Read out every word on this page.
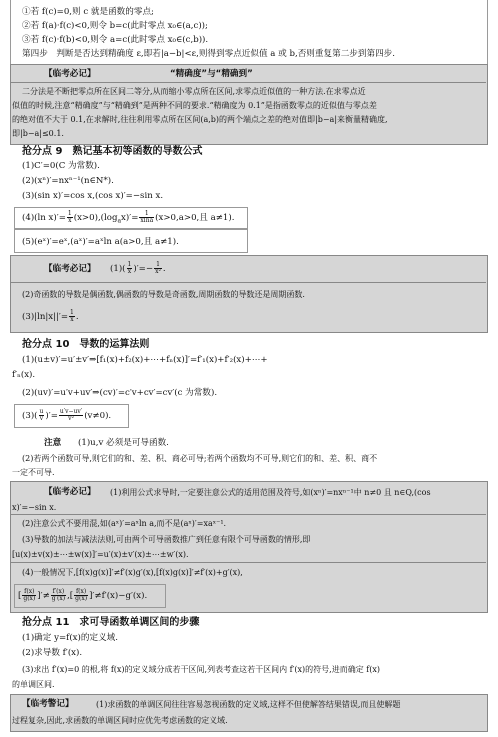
①若 f(c)=0,则 c 就是函数的零点;
②若 f(a)·f(c)<0,则令 b=c(此时零点 x₀∈(a,c));
③若 f(c)·f(b)<0,则令 a=c(此时零点 x₀∈(c,b)).
第四步　判断是否达到精确度 ε,即若|a−b|<ε,则得到零点近似值 a 或 b,否则重复第二步到第四步.
【临考必记】	“精确度”与“精确到”
二分法是不断把零点所在区间二等分,从而缩小零点所在区间,求零点近似值的一种方法.在求零点近
似值的时候,注意“精确度”与“精确到”是两种不同的要求.“精确度为 0.1”是指函数零点的近似值与零点差
的绝对值不大于 0.1,在求解时,往往利用零点所在区间(a,b)的两个端点之差的绝对值即|b−a|来衡量精确度,
即|b−a|≤0.1.
抢分点 9　熟记基本初等函数的导数公式
(1)C′=0(C 为常数).
(2)(xⁿ)′=nxⁿ⁻¹(n∈N*).
(3)(sin x)′=cos x,(cos x)′=−sin x.
(4)(ln $x)'= \frac{1}{x} (x>0),(\log_ax)'= \frac{1}{xlna} (x>0,a>0$,且 a≠1).
(5)(eˣ)′=eˣ,(aˣ)′=aˣln a(a>0,且 a≠1).
【临考必记】 $(1)( \frac{1}{x}$ )′=− $\frac{1}{\text{x²}}$ .
(2)奇函数的导数是偶函数,偶函数的导数是奇函数,周期函数的导数还是周期函数.
$(3)|\ln|x||'= \frac{1}{x}$ .
抢分点 10　导数的运算法则
(1)(u±v)′=u′±v′⇒[f₁(x)+f₂(x)+⋯+fₙ(x)]′=f′₁(x)+f′₂(x)+⋯+
f′ₙ(x).
(2)(uv)′=u′v+uv′⇒(cv)′=c′v+cv′=cv′(c 为常数).
$(3)( \frac{u}{v}$ )′= $\frac{u'v-uv'}{\text{v²}} (v\ne 0)$.
注意 (1)u,v 必须是可导函数.
(2)若两个函数可导,则它们的和、差、积、商必可导;若两个函数均不可导,则它们的和、差、积、商不
一定不可导.
【临考必记】 (1)利用公式求导时,一定要注意公式的适用范围及符号,如(xⁿ)′=nxⁿ⁻¹中 n≠0 且 n∈Q,(cos
x)′=−sin x.
(2)注意公式不要用混,如(aˣ)′=aˣln a,而不是(aˣ)′=xaˣ⁻¹.
(3)导数的加法与减法法则,可由两个可导函数推广到任意有限个可导函数的情形,即
[u(x)±v(x)±⋯±w(x)]′=u′(x)±v′(x)±⋯±w′(x).
(4)一般情况下,[f(x)g(x)]′≠f′(x)g′(x),[f(x)g(x)]′≠f′(x)+g′(x),
[ $\frac{f(x)}{g(x)}$ ]′≠ $\frac{f'(x)}{g'(x)}$ ,[ $\frac{f(x)}{g(x)} ]'\ne f'(x)-g'(x)$.
抢分点 11　求可导函数单调区间的步骤
(1)确定 y=f(x)的定义域.
(2)求导数 f′(x).
(3)求出 f′(x)=0 的根,将 f(x)的定义域分成若干区间,列表考查这若干区间内 f′(x)的符号,进而确定 f(x)
的单调区间.
【临考警记】	(1)求函数的单调区间往往容易忽视函数的定义域,这样不但使解答结果错误,而且使解题
过程复杂,因此,求函数的单调区间时应优先考虑函数的定义域.
